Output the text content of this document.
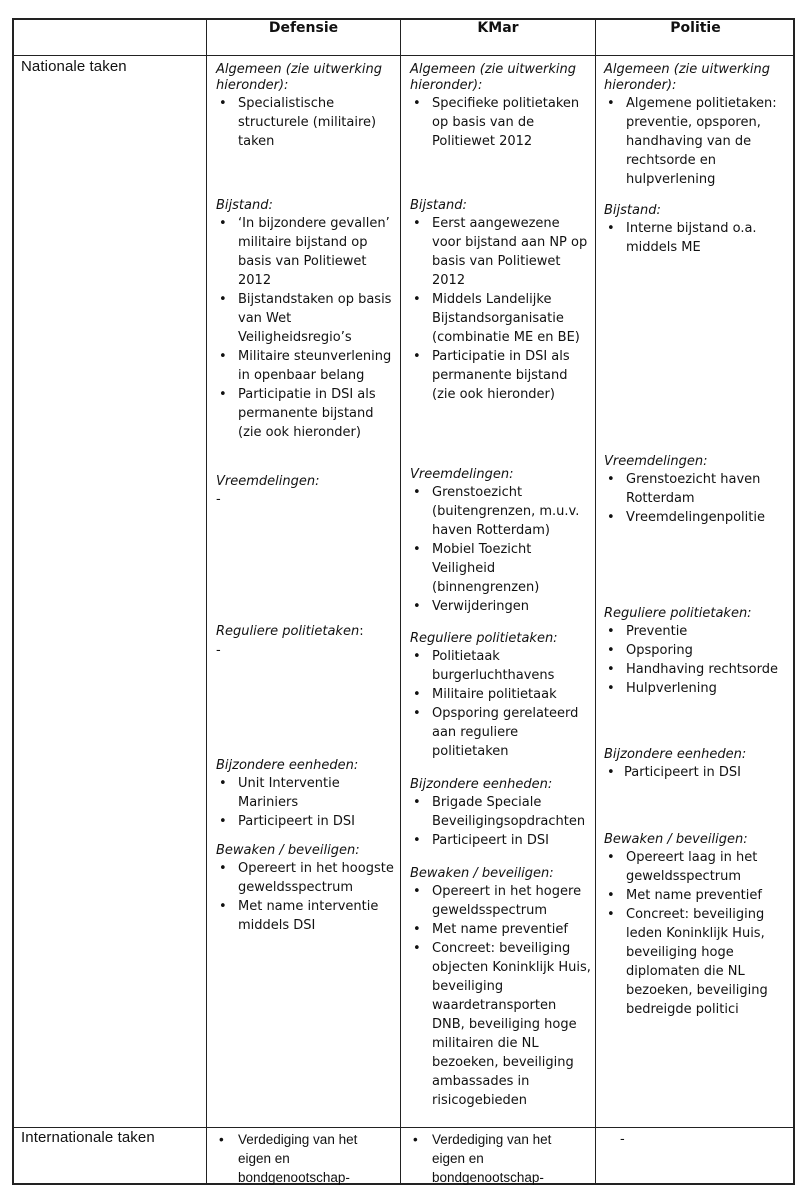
Defensie	KMar	Politie
Nationale taken
Internationale taken
Algemeen (zie uitwerking hieronder):
• Specialistische structurele (militaire) taken
Bijstand:
• ‘In bijzondere gevallen’ militaire bijstand op basis van Politiewet 2012
• Bijstandstaken op basis van Wet Veiligheidsregio’s
• Militaire steunverlening in openbaar belang
• Participatie in DSI als permanente bijstand (zie ook hieronder)
Vreemdelingen:
-
Reguliere politietaken:
-
Bijzondere eenheden:
• Unit Interventie Mariniers
• Participeert in DSI
Bewaken / beveiligen:
• Opereert in het hoogste geweldsspectrum
• Met name interventie middels DSI
Algemeen (zie uitwerking hieronder):
• Specifieke politietaken op basis van de Politiewet 2012
Bijstand:
• Eerst aangewezene voor bijstand aan NP op basis van Politiewet 2012
• Middels Landelijke Bijstandsorganisatie (combinatie ME en BE)
• Participatie in DSI als permanente bijstand (zie ook hieronder)
Vreemdelingen:
• Grenstoezicht (buitengrenzen, m.u.v. haven Rotterdam)
• Mobiel Toezicht Veiligheid (binnengrenzen)
• Verwijderingen
Reguliere politietaken:
• Politietaak burgerluchthavens
• Militaire politietaak
• Opsporing gerelateerd aan reguliere politietaken
Bijzondere eenheden:
• Brigade Speciale Beveiligingsopdrachten
• Participeert in DSI
Bewaken / beveiligen:
• Opereert in het hogere geweldsspectrum
• Met name preventief
• Concreet: beveiliging objecten Koninklijk Huis, beveiliging waardetransporten DNB, beveiliging hoge militairen die NL bezoeken, beveiliging ambassades in risicogebieden
Algemeen (zie uitwerking hieronder):
• Algemene politietaken: preventie, opsporen, handhaving van de rechtsorde en hulpverlening
Bijstand:
• Interne bijstand o.a. middels ME
Vreemdelingen:
• Grenstoezicht haven Rotterdam
• Vreemdelingenpolitie
Reguliere politietaken:
• Preventie
• Opsporing
• Handhaving rechtsorde
• Hulpverlening
Bijzondere eenheden:
• Participeert in DSI
Bewaken / beveiligen:
• Opereert laag in het geweldsspectrum
• Met name preventief
• Concreet: beveiliging leden Koninklijk Huis, beveiliging hoge diplomaten die NL bezoeken, beveiliging bedreigde politici
• Verdediging van het eigen en bondgenootschap-
• Verdediging van het eigen en bondgenootschap-
-
